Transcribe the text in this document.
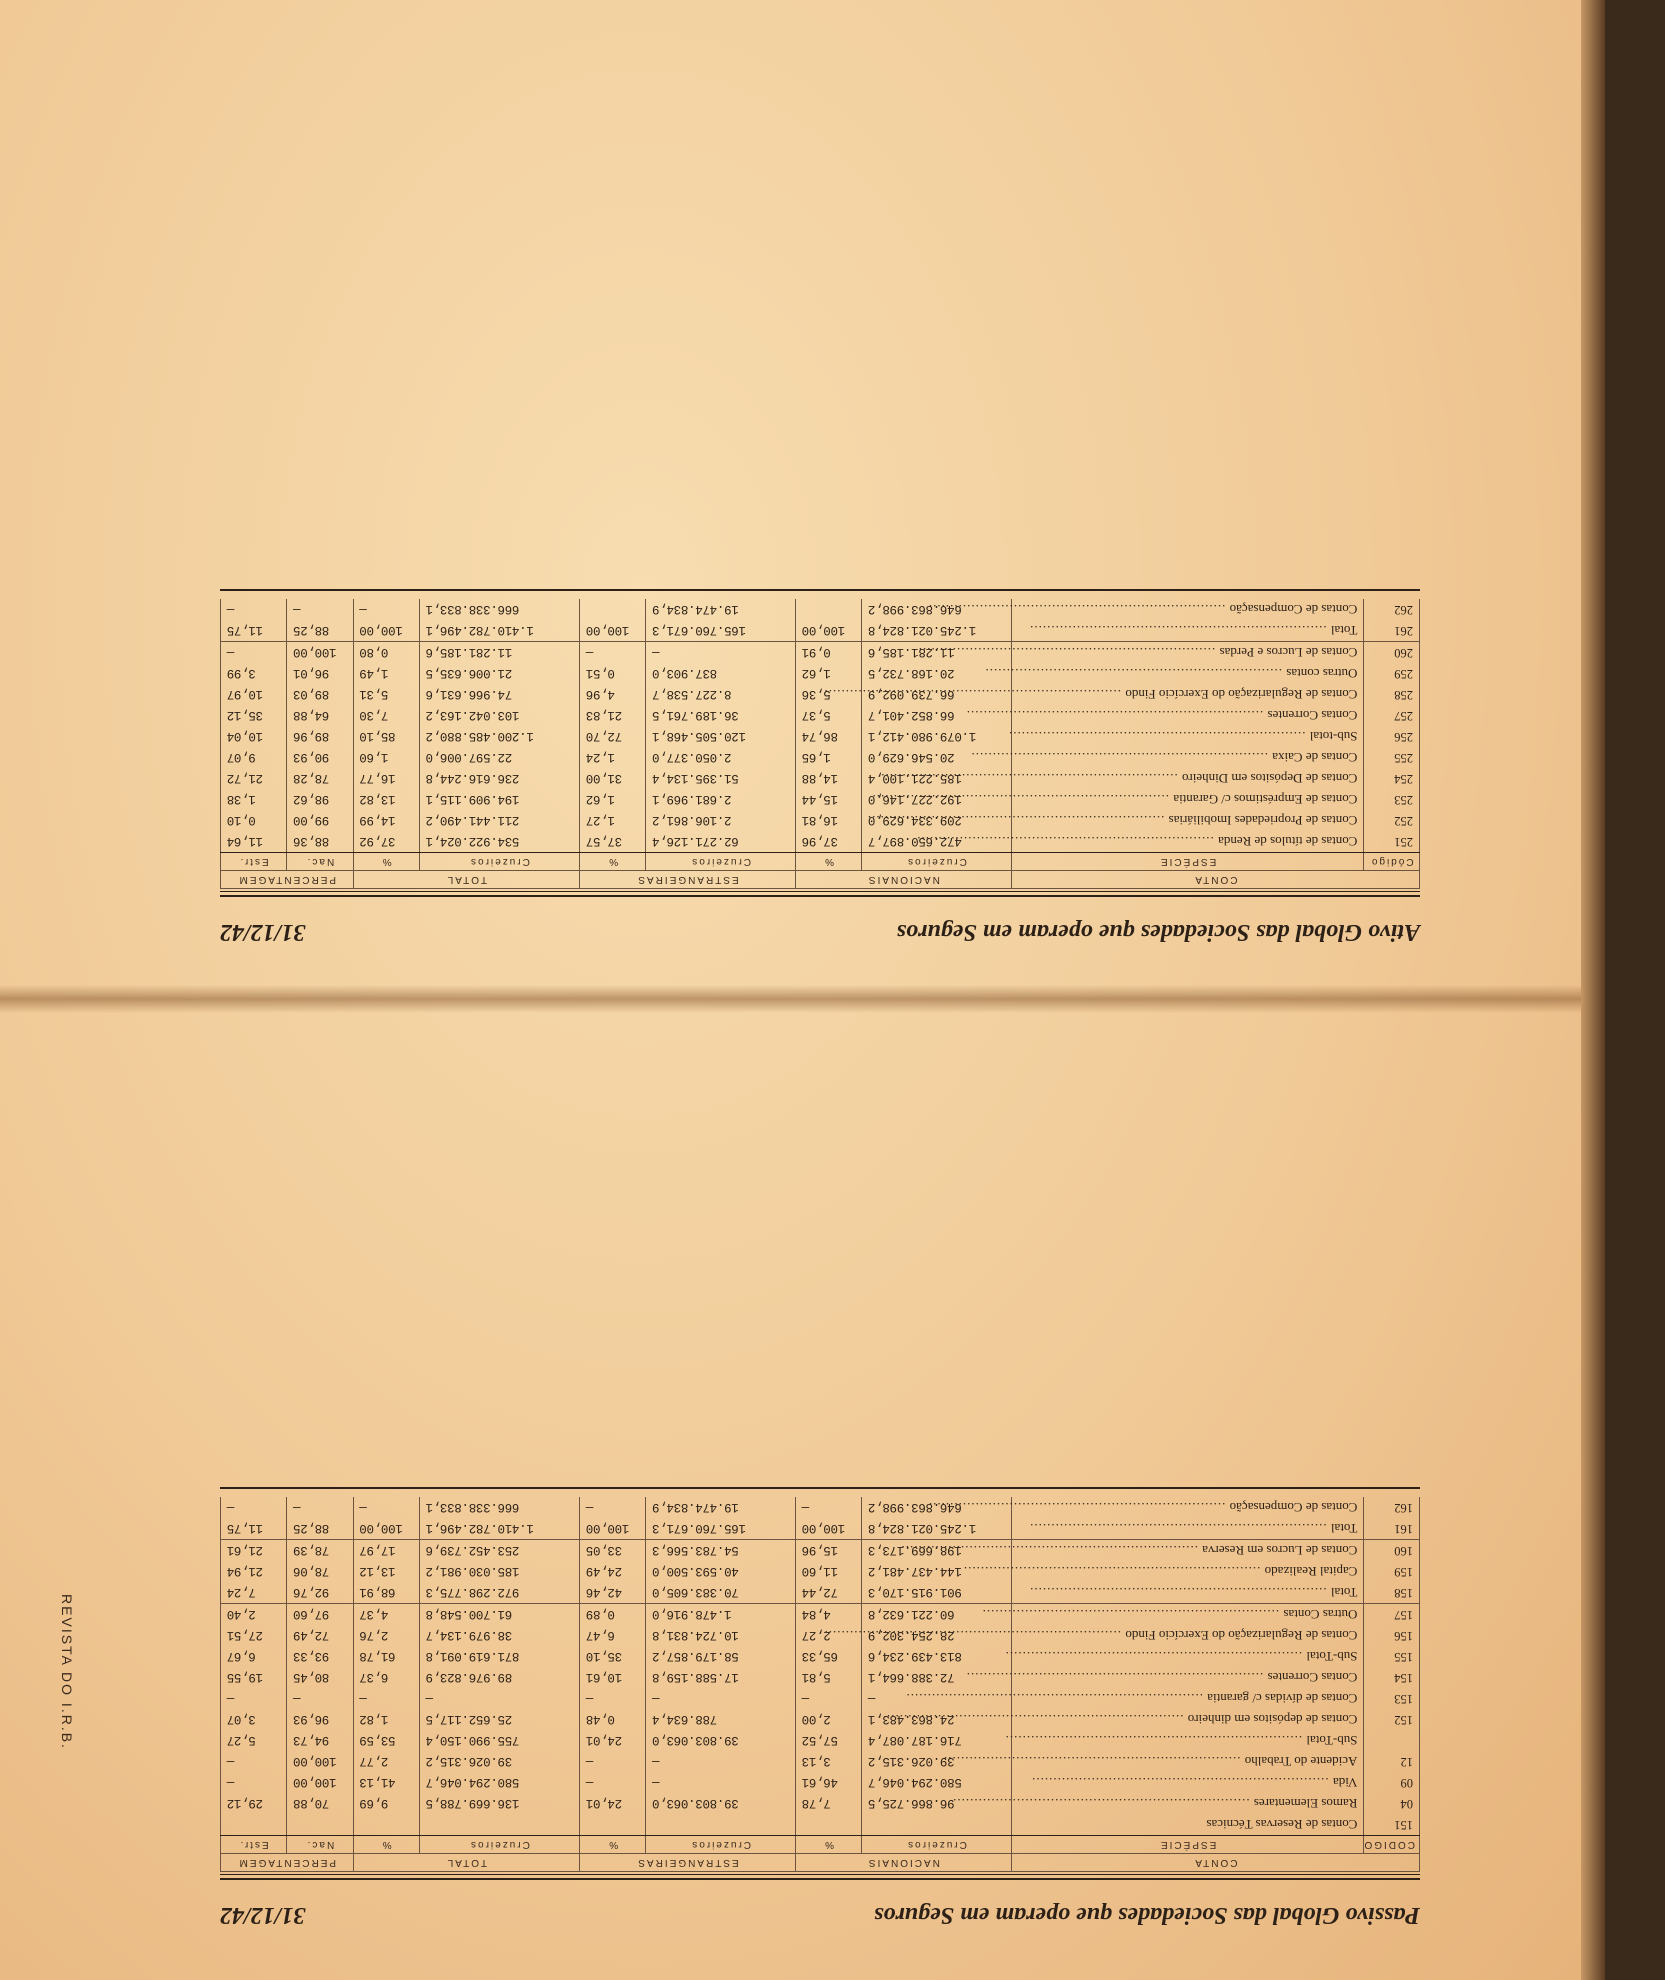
N. 20 — AGOSTO DE 1943
Ativo Global das Sociedades que operam em Seguros
31/12/42
CONTA		NACIONAIS		ESTRANGEIRAS		TOTAL		PERCENTAGEM	
Código	ESPÉCIE	Cruzeiros	%	Cruzeiros	%	Cruzeiros	%	Nac.	Estr.
251	Contas de títulos de Renda .....	472.650.897,7	37,96	62.271.126,4	37,57	534.922.024,1	37,92	88,36	11,64
252	Contas de Propriedades Imobiliárias .....	209.334.629,0	16,81	2.106.861,2	1,27	211.441.490,2	14,99	99,00	0,10
253	Contas de Empréstimos c/ Garantia .....	192.227.146,0	15,44	2.681.969,1	1,62	194.909.115,1	13,82	98,62	1,38
254	Contas de Depósitos em Dinheiro .....	185.221.100,4	14,88	51.395.134,4	31,00	236.616.244,8	16,77	78,28	21,72
255	Contas de Caixa .....	20.546.629,0	1,65	2.050.377,0	1,24	22.597.006,0	1,60	90,93	9,07
256	Sub-total .....	1.079.980.412,1	86,74	120.505.468,1	72,70	1.200.485.880,2	85,10	89,96	10,04
257	Contas Correntes .....	66.852.401,7	5,37	36.189.761,5	21,83	103.042.163,2	7,30	64,88	35,12
258	Contas de Regularização do Exercício Findo .....	66.739.092,9	5,36	8.227.538,7	4,96	74.966.631,6	5,31	89,03	10,97
259	Outras contas .....	20.168.732,5	1,62	837.903,0	0,51	21.006.635,5	1,49	96,01	3,99
260	Contas de Lucros e Perdas .....	11.281.185,6	0,91	—	—	11.281.185,6	0,80	100,00	—
261	Total .....	1.245.021.824,8	100,00	165.760.671,3	100,00	1.410.782.496,1	100,00	88,25	11,75
262	Contas de Compensação .....	646.863.998,2		19.474.834,9		666.338.833,1	—	—	—
REVISTA DO I.R.B.
Passivo Global das Sociedades que operam em Seguros
31/12/42
CONTA		NACIONAIS		ESTRANGEIRAS		TOTAL		PERCENTAGEM	
CODIGO	ESPÉCIE	Cruzeiros	%	Cruzeiros	%	Cruzeiros	%	Nac.	Estr.
151	Contas de Reservas Técnicas								
04	Ramos Elementares .....	96.866.725,5	7,78	39.803.063,0	24,01	136.669.788,5	9,69	70,88	29,12
09	Vida .....	580.294.046,7	46,61	—	—	580.294.046,7	41,13	100,00	—
12	Acidente do Trabalho .....	39.026.315,2	3,13	—	—	39.026.315,2	2,77	100,00	—
	Sub-Total .....	716.187.087,4	57,52	39.803.063,0	24,01	755.990.150,4	53,59	94,73	5,27
152	Contas de depósitos em dinheiro .....	24.863.483,1	2,00	788.634,4	0,48	25.652.117,5	1,82	96,93	3,07
153	Contas de dívidas c/ garantia .....	—	—	—	—	—	—	—	—
154	Contas Correntes .....	72.388.664,1	5,81	17.588.159,8	10,61	89.976.823,9	6,37	80,45	19,55
155	Sub-Total .....	813.439.234,6	65,33	58.179.857,2	35,10	871.619.091,8	61,78	93,33	6,67
156	Contas de Regularização do Exercício Findo .....	28.254.302,9	2,27	10.724.831,8	6,47	38.979.134,7	2,76	72,49	27,51
157	Outras Contas .....	60.221.632,8	4,84	1.478.916,0	0,89	61.700.548,8	4,37	97,60	2,40
158	Total .....	901.915.170,3	72,44	70.383.605,0	42,46	972.298.775,3	68,91	92,76	7,24
159	Capital Realizado .....	144.437.481,2	11,60	40.593.500,0	24,49	185.030.981,2	13,12	78,06	21,94
160	Contas de Lucros em Reserva .....	198.669.173,3	15,96	54.783.566,3	33,05	253.452.739,6	17,97	78,39	21,61
161	Total .....	1.245.021.824,8	100,00	165.760.671,3	100,00	1.410.782.496,1	100,00	88,25	11,75
162	Contas de Compensação .....	646.863.998,2	—	19.474.834,9	—	666.338.833,1	—	—	—
